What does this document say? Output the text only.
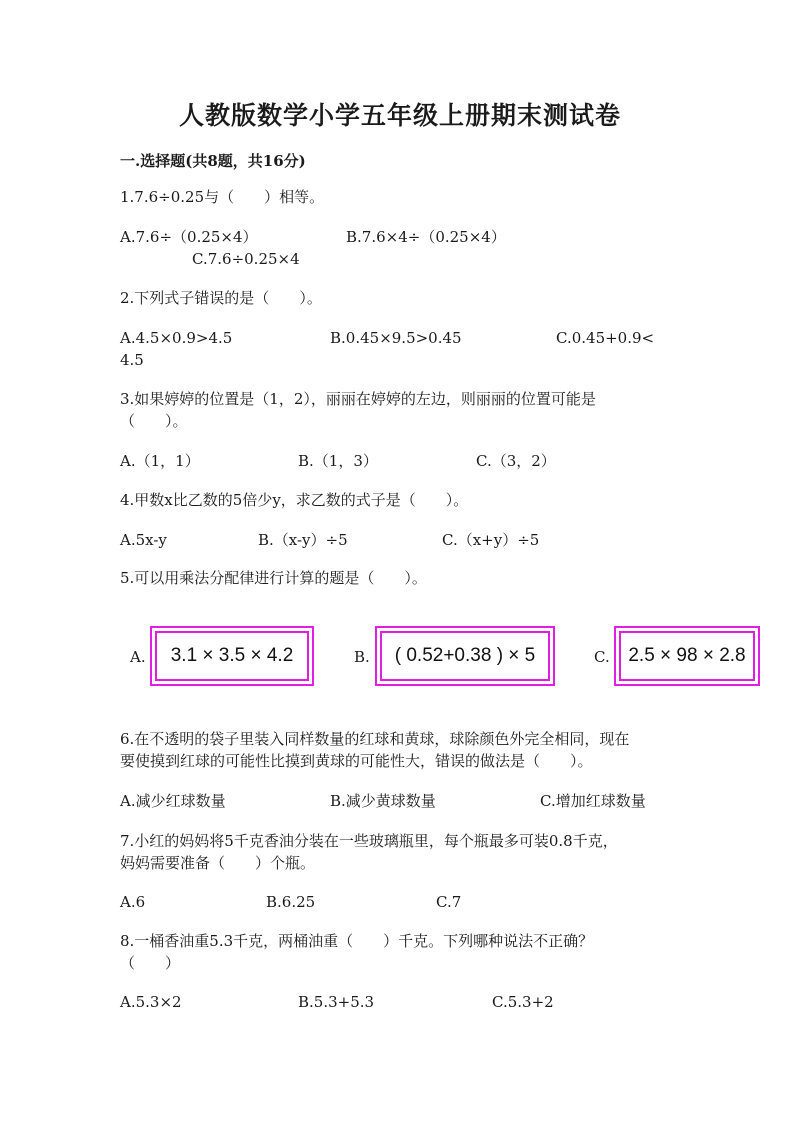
人教版数学小学五年级上册期末测试卷
一.选择题(共8题，共16分)
1.7.6÷0.25与（　　）相等。
A.7.6÷（0.25×4）	B.7.6×4÷（0.25×4）
C.7.6÷0.25×4
2.下列式子错误的是（　　）。
A.4.5×0.9>4.5	B.0.45×9.5>0.45	C.0.45+0.9<
4.5
3.如果婷婷的位置是（1，2），丽丽在婷婷的左边，则丽丽的位置可能是
（　　）。
A.（1，1）	B.（1，3）	C.（3，2）
4.甲数x比乙数的5倍少y，求乙数的式子是（　　）。
A.5x-y	B.（x-y）÷5	C.（x+y）÷5
5.可以用乘法分配律进行计算的题是（　　）。
A.	3.1 × 3.5 × 4.2	B.	( 0.52+0.38 ) × 5	C. 2.5 × 98 × 2.8
6.在不透明的袋子里装入同样数量的红球和黄球，球除颜色外完全相同，现在
要使摸到红球的可能性比摸到黄球的可能性大，错误的做法是（　　）。
A.减少红球数量	B.减少黄球数量	C.增加红球数量
7.小红的妈妈将5千克香油分装在一些玻璃瓶里，每个瓶最多可装0.8千克，
妈妈需要准备（　　）个瓶。
A.6	B.6.25	C.7
8.一桶香油重5.3千克，两桶油重（　　）千克。下列哪种说法不正确？
（　　）
A.5.3×2	B.5.3+5.3	C.5.3+2
